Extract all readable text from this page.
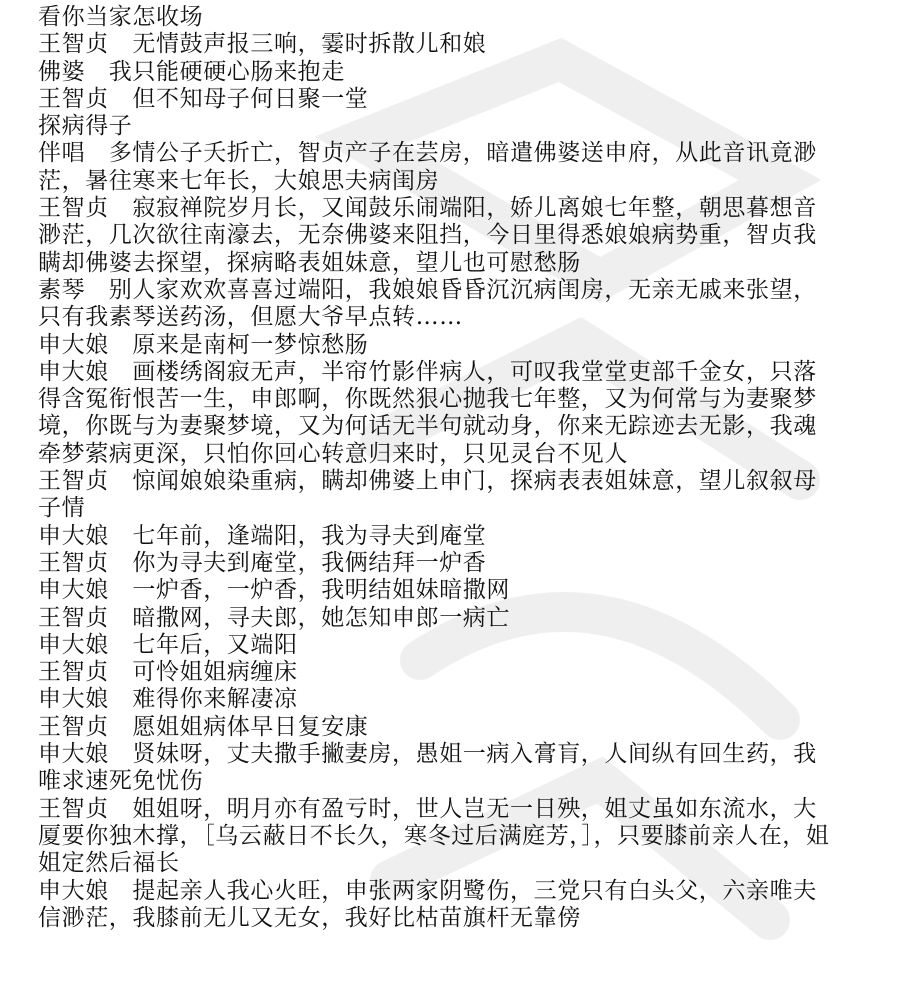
看你当家怎收场
王智贞　无情鼓声报三响，霎时拆散儿和娘
佛婆　我只能硬硬心肠来抱走
王智贞　但不知母子何日聚一堂
探病得子
伴唱　多情公子夭折亡，智贞产子在芸房，暗遣佛婆送申府，从此音讯竟渺茫，暑往寒来七年长，大娘思夫病闺房
王智贞　寂寂禅院岁月长，又闻鼓乐闹端阳，娇儿离娘七年整，朝思暮想音渺茫，几次欲往南濠去，无奈佛婆来阻挡，今日里得悉娘娘病势重，智贞我瞒却佛婆去探望，探病略表姐妹意，望儿也可慰愁肠
素琴　别人家欢欢喜喜过端阳，我娘娘昏昏沉沉病闺房，无亲无戚来张望，只有我素琴送药汤，但愿大爷早点转……
申大娘　原来是南柯一梦惊愁肠
申大娘　画楼绣阁寂无声，半帘竹影伴病人，可叹我堂堂吏部千金女，只落得含冤衔恨苦一生，申郎啊，你既然狠心抛我七年整，又为何常与为妻聚梦境，你既与为妻聚梦境，又为何话无半句就动身，你来无踪迹去无影，我魂牵梦萦病更深，只怕你回心转意归来时，只见灵台不见人
王智贞　惊闻娘娘染重病，瞒却佛婆上申门，探病表表姐妹意，望儿叙叙母子情
申大娘　七年前，逢端阳，我为寻夫到庵堂
王智贞　你为寻夫到庵堂，我俩结拜一炉香
申大娘　一炉香，一炉香，我明结姐妹暗撒网
王智贞　暗撒网，寻夫郎，她怎知申郎一病亡
申大娘　七年后，又端阳
王智贞　可怜姐姐病缠床
申大娘　难得你来解凄凉
王智贞　愿姐姐病体早日复安康
申大娘　贤妹呀，丈夫撒手撇妻房，愚姐一病入膏肓，人间纵有回生药，我唯求速死免忧伤
王智贞　姐姐呀，明月亦有盈亏时，世人岂无一日殃，姐丈虽如东流水，大厦要你独木撑，［乌云蔽日不长久，寒冬过后满庭芳，］，只要膝前亲人在，姐姐定然后福长
申大娘　提起亲人我心火旺，申张两家阴鹭伤，三党只有白头父，六亲唯夫信渺茫，我膝前无儿又无女，我好比枯苗旗杆无靠傍
